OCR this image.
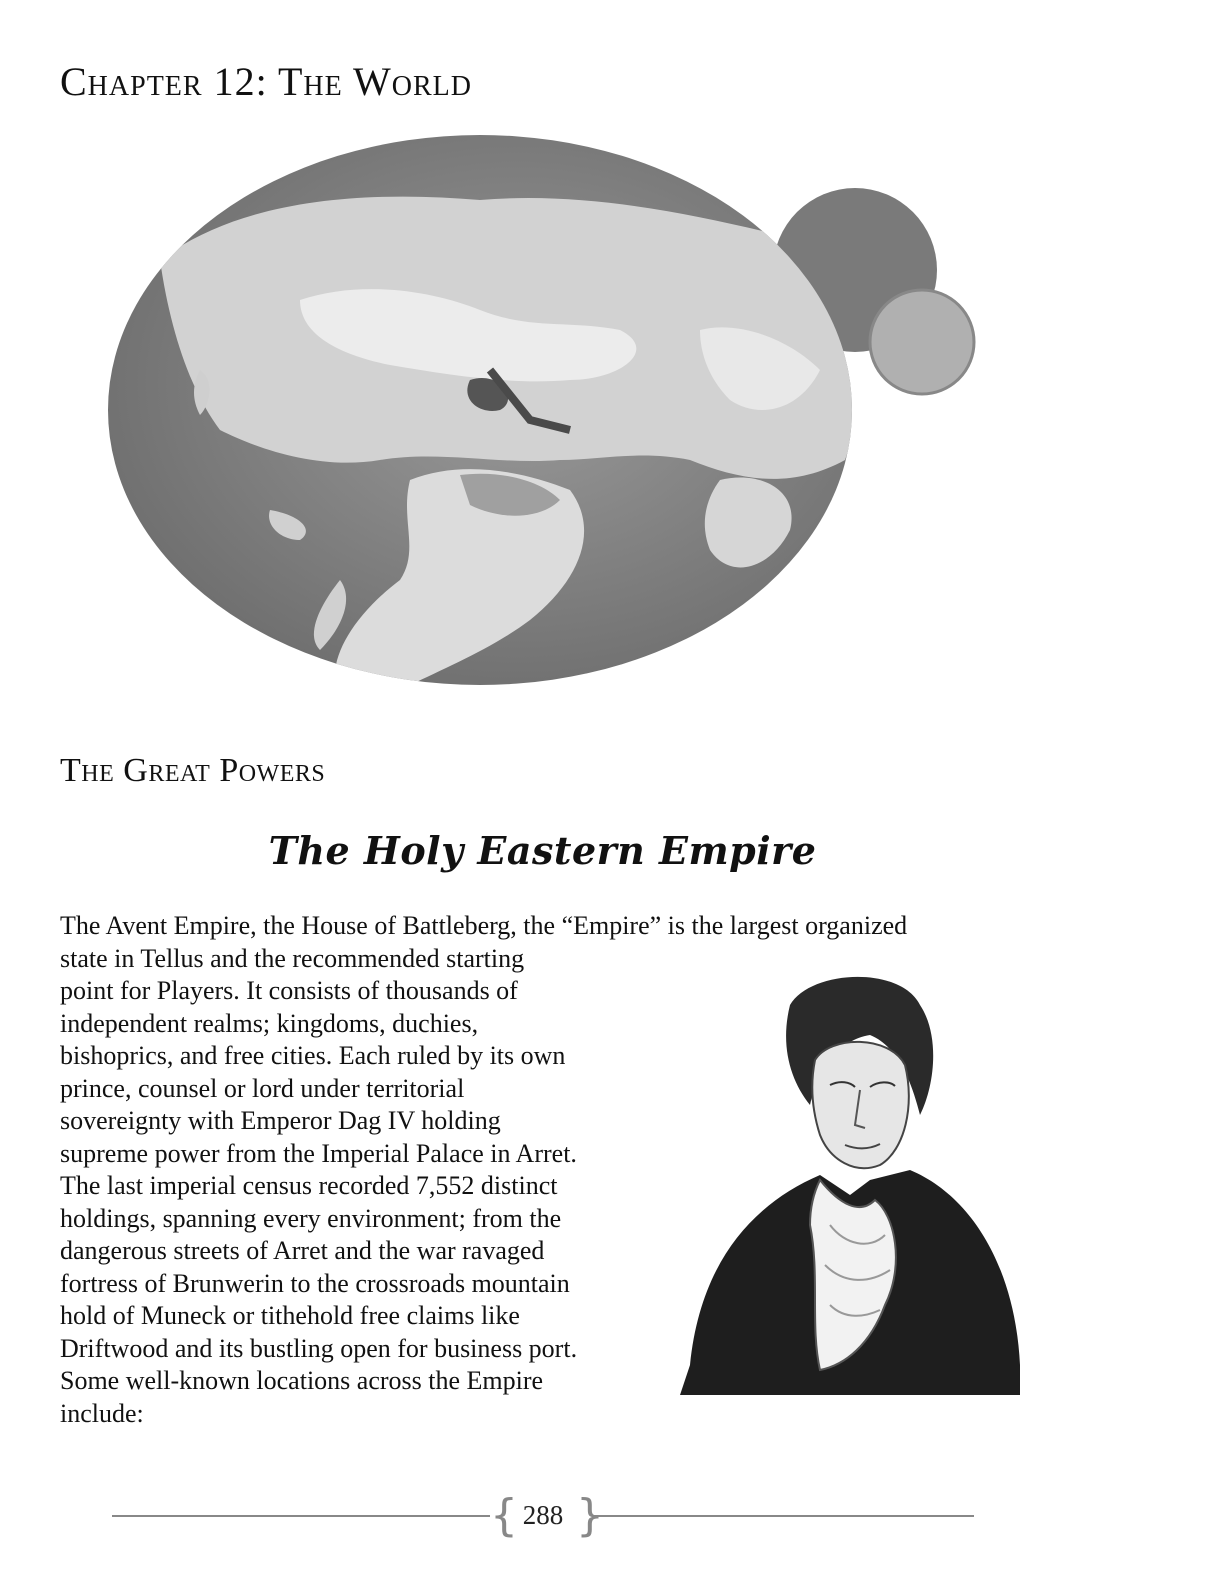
Chapter 12: The World
The Great Powers
The Holy Eastern Empire
The Avent Empire, the House of Battleberg, the “Empire” is the largest organized
state in Tellus and the recommended starting
point for Players. It consists of thousands of
independent realms; kingdoms, duchies,
bishoprics, and free cities. Each ruled by its own
prince, counsel or lord under territorial
sovereignty with Emperor Dag IV holding
supreme power from the Imperial Palace in Arret.
The last imperial census recorded 7,552 distinct
holdings, spanning every environment; from the
dangerous streets of Arret and the war ravaged
fortress of Brunwerin to the crossroads mountain
hold of Muneck or tithehold free claims like
Driftwood and its bustling open for business port.
Some well-known locations across the Empire
include:
{ }
288
